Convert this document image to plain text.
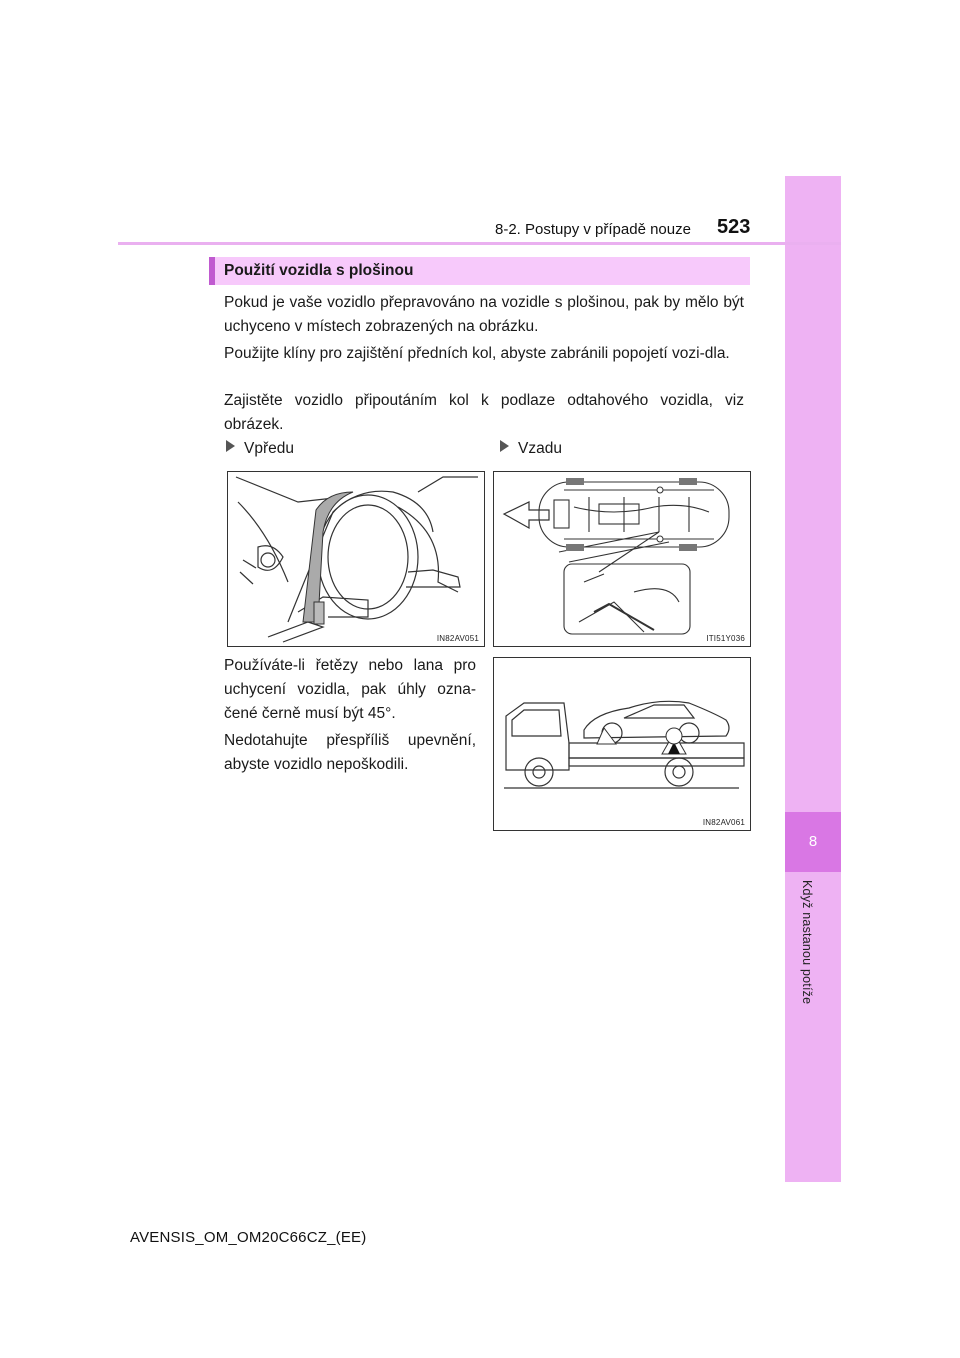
8
Když nastanou potíže
8-2. Postupy v případě nouze 523
Použití vozidla s plošinou
Pokud je vaše vozidlo přepravováno na vozidle s plošinou, pak by mělo být uchyceno v místech zobrazených na obrázku.
Použijte klíny pro zajištění předních kol, abyste zabránili popojetí vozi-dla.
Zajistěte vozidlo připoutáním kol k podlaze odtahového vozidla, viz obrázek.
Vpředu	Vzadu
IN82AV051	ITI51Y036
Používáte-li řetězy nebo lana pro uchycení vozidla, pak úhly ozna-čené černě musí být 45°.
Nedotahujte přespříliš upevnění, abyste vozidlo nepoškodili.
IN82AV061
AVENSIS_OM_OM20C66CZ_(EE)
